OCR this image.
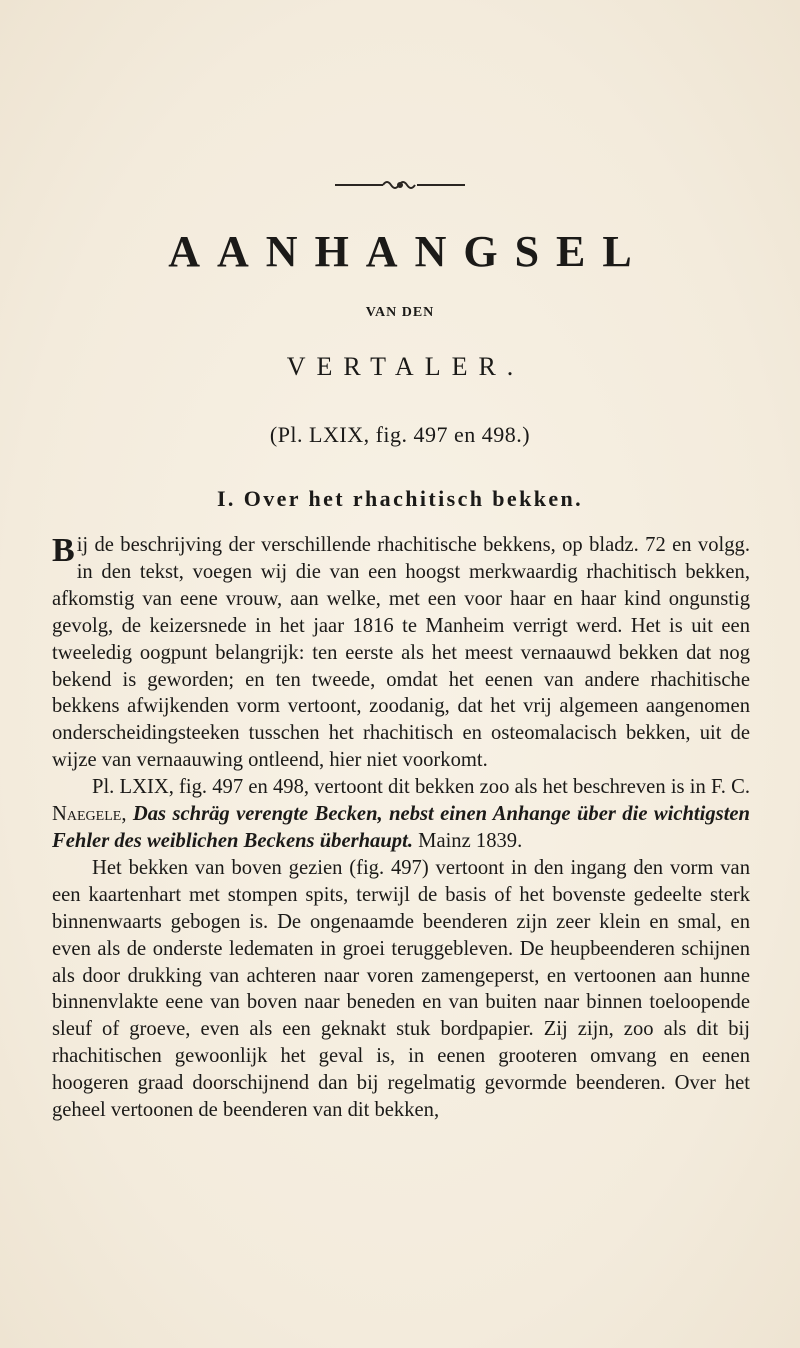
AANHANGSEL
VAN DEN
VERTALER.
(Pl. LXIX, fig. 497 en 498.)
I. Over het rhachitisch bekken.

Bij de beschrijving der verschillende rhachitische bekkens, op bladz. 72 en volgg. in den tekst, voegen wij die van een hoogst merkwaardig rhachitisch bekken, afkomstig van eene vrouw, aan welke, met een voor haar en haar kind ongunstig gevolg, de keizersnede in het jaar 1816 te Manheim verrigt werd. Het is uit een tweeledig oogpunt belangrijk: ten eerste als het meest vernaauwd bekken dat nog bekend is geworden; en ten tweede, omdat het eenen van andere rhachitische bekkens afwijkenden vorm vertoont, zoodanig, dat het vrij algemeen aangenomen onderscheidingsteeken tusschen het rhachitisch en osteomalacisch bekken, uit de wijze van vernaauwing ontleend, hier niet voorkomt.

Pl. LXIX, fig. 497 en 498, vertoont dit bekken zoo als het beschreven is in F. C. Naegele, Das schräg verengte Becken, nebst einen Anhange über die wichtigsten Fehler des weiblichen Beckens überhaupt. Mainz 1839.

Het bekken van boven gezien (fig. 497) vertoont in den ingang den vorm van een kaartenhart met stompen spits, terwijl de basis of het bovenste gedeelte sterk binnenwaarts gebogen is. De ongenaamde beenderen zijn zeer klein en smal, en even als de onderste ledematen in groei teruggebleven. De heupbeenderen schijnen als door drukking van achteren naar voren zamengeperst, en vertoonen aan hunne binnenvlakte eene van boven naar beneden en van buiten naar binnen toeloopende sleuf of groeve, even als een geknakt stuk bordpapier. Zij zijn, zoo als dit bij rhachitischen gewoonlijk het geval is, in eenen grooteren omvang en eenen hoogeren graad doorschijnend dan bij regelmatig gevormde beenderen. Over het geheel vertoonen de beenderen van dit bekken,
